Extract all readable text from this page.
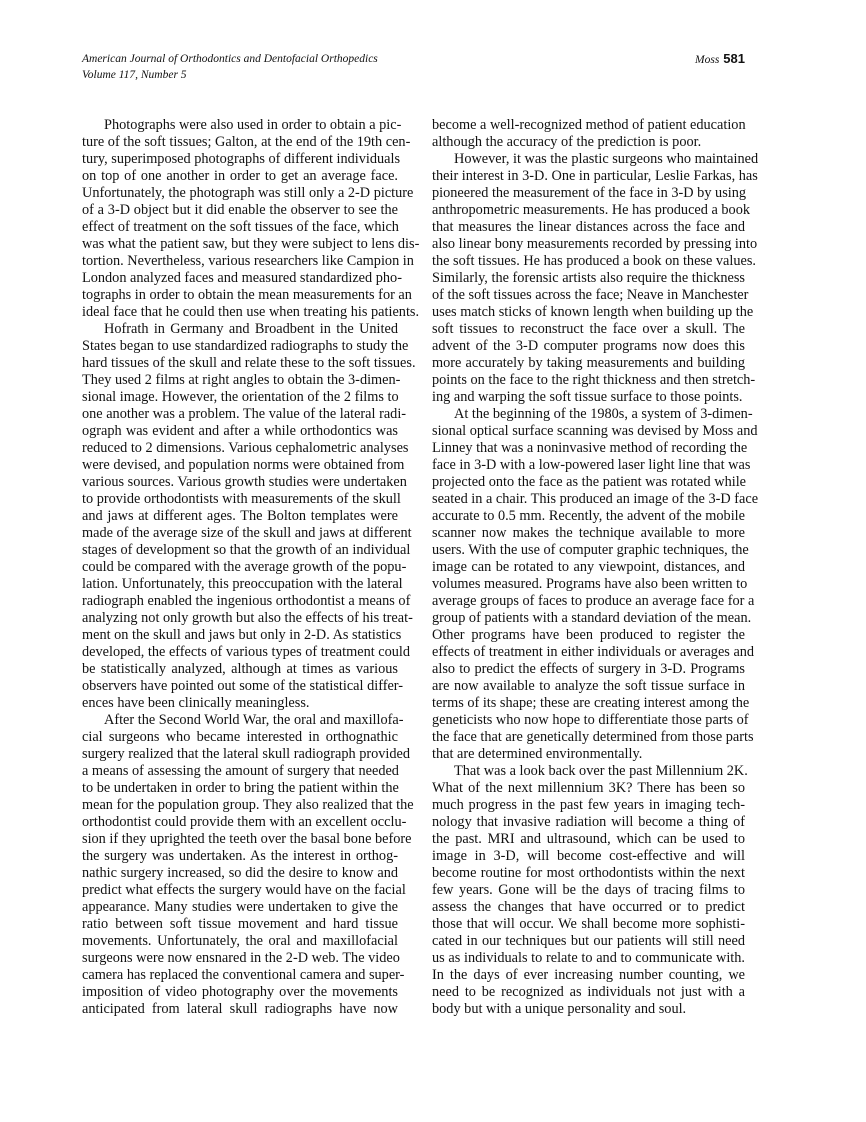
American Journal of Orthodontics and Dentofacial Orthopedics
Volume 117, Number 5
Moss 581
Photographs were also used in order to obtain a pic-
ture of the soft tissues; Galton, at the end of the 19th cen-
tury, superimposed photographs of different individuals
on top of one another in order to get an average face.
Unfortunately, the photograph was still only a 2-D picture
of a 3-D object but it did enable the observer to see the
effect of treatment on the soft tissues of the face, which
was what the patient saw, but they were subject to lens dis-
tortion. Nevertheless, various researchers like Campion in
London analyzed faces and measured standardized pho-
tographs in order to obtain the mean measurements for an
ideal face that he could then use when treating his patients.
Hofrath in Germany and Broadbent in the United
States began to use standardized radiographs to study the
hard tissues of the skull and relate these to the soft tissues.
They used 2 films at right angles to obtain the 3-dimen-
sional image. However, the orientation of the 2 films to
one another was a problem. The value of the lateral radi-
ograph was evident and after a while orthodontics was
reduced to 2 dimensions. Various cephalometric analyses
were devised, and population norms were obtained from
various sources. Various growth studies were undertaken
to provide orthodontists with measurements of the skull
and jaws at different ages. The Bolton templates were
made of the average size of the skull and jaws at different
stages of development so that the growth of an individual
could be compared with the average growth of the popu-
lation. Unfortunately, this preoccupation with the lateral
radiograph enabled the ingenious orthodontist a means of
analyzing not only growth but also the effects of his treat-
ment on the skull and jaws but only in 2-D. As statistics
developed, the effects of various types of treatment could
be statistically analyzed, although at times as various
observers have pointed out some of the statistical differ-
ences have been clinically meaningless.
After the Second World War, the oral and maxillofa-
cial surgeons who became interested in orthognathic
surgery realized that the lateral skull radiograph provided
a means of assessing the amount of surgery that needed
to be undertaken in order to bring the patient within the
mean for the population group. They also realized that the
orthodontist could provide them with an excellent occlu-
sion if they uprighted the teeth over the basal bone before
the surgery was undertaken. As the interest in orthog-
nathic surgery increased, so did the desire to know and
predict what effects the surgery would have on the facial
appearance. Many studies were undertaken to give the
ratio between soft tissue movement and hard tissue
movements. Unfortunately, the oral and maxillofacial
surgeons were now ensnared in the 2-D web. The video
camera has replaced the conventional camera and super-
imposition of video photography over the movements
anticipated from lateral skull radiographs have now
become a well-recognized method of patient education
although the accuracy of the prediction is poor.
However, it was the plastic surgeons who maintained
their interest in 3-D. One in particular, Leslie Farkas, has
pioneered the measurement of the face in 3-D by using
anthropometric measurements. He has produced a book
that measures the linear distances across the face and
also linear bony measurements recorded by pressing into
the soft tissues. He has produced a book on these values.
Similarly, the forensic artists also require the thickness
of the soft tissues across the face; Neave in Manchester
uses match sticks of known length when building up the
soft tissues to reconstruct the face over a skull. The
advent of the 3-D computer programs now does this
more accurately by taking measurements and building
points on the face to the right thickness and then stretch-
ing and warping the soft tissue surface to those points.
At the beginning of the 1980s, a system of 3-dimen-
sional optical surface scanning was devised by Moss and
Linney that was a noninvasive method of recording the
face in 3-D with a low-powered laser light line that was
projected onto the face as the patient was rotated while
seated in a chair. This produced an image of the 3-D face
accurate to 0.5 mm. Recently, the advent of the mobile
scanner now makes the technique available to more
users. With the use of computer graphic techniques, the
image can be rotated to any viewpoint, distances, and
volumes measured. Programs have also been written to
average groups of faces to produce an average face for a
group of patients with a standard deviation of the mean.
Other programs have been produced to register the
effects of treatment in either individuals or averages and
also to predict the effects of surgery in 3-D. Programs
are now available to analyze the soft tissue surface in
terms of its shape; these are creating interest among the
geneticists who now hope to differentiate those parts of
the face that are genetically determined from those parts
that are determined environmentally.
That was a look back over the past Millennium 2K.
What of the next millennium 3K? There has been so
much progress in the past few years in imaging tech-
nology that invasive radiation will become a thing of
the past. MRI and ultrasound, which can be used to
image in 3-D, will become cost-effective and will
become routine for most orthodontists within the next
few years. Gone will be the days of tracing films to
assess the changes that have occurred or to predict
those that will occur. We shall become more sophisti-
cated in our techniques but our patients will still need
us as individuals to relate to and to communicate with.
In the days of ever increasing number counting, we
need to be recognized as individuals not just with a
body but with a unique personality and soul.
